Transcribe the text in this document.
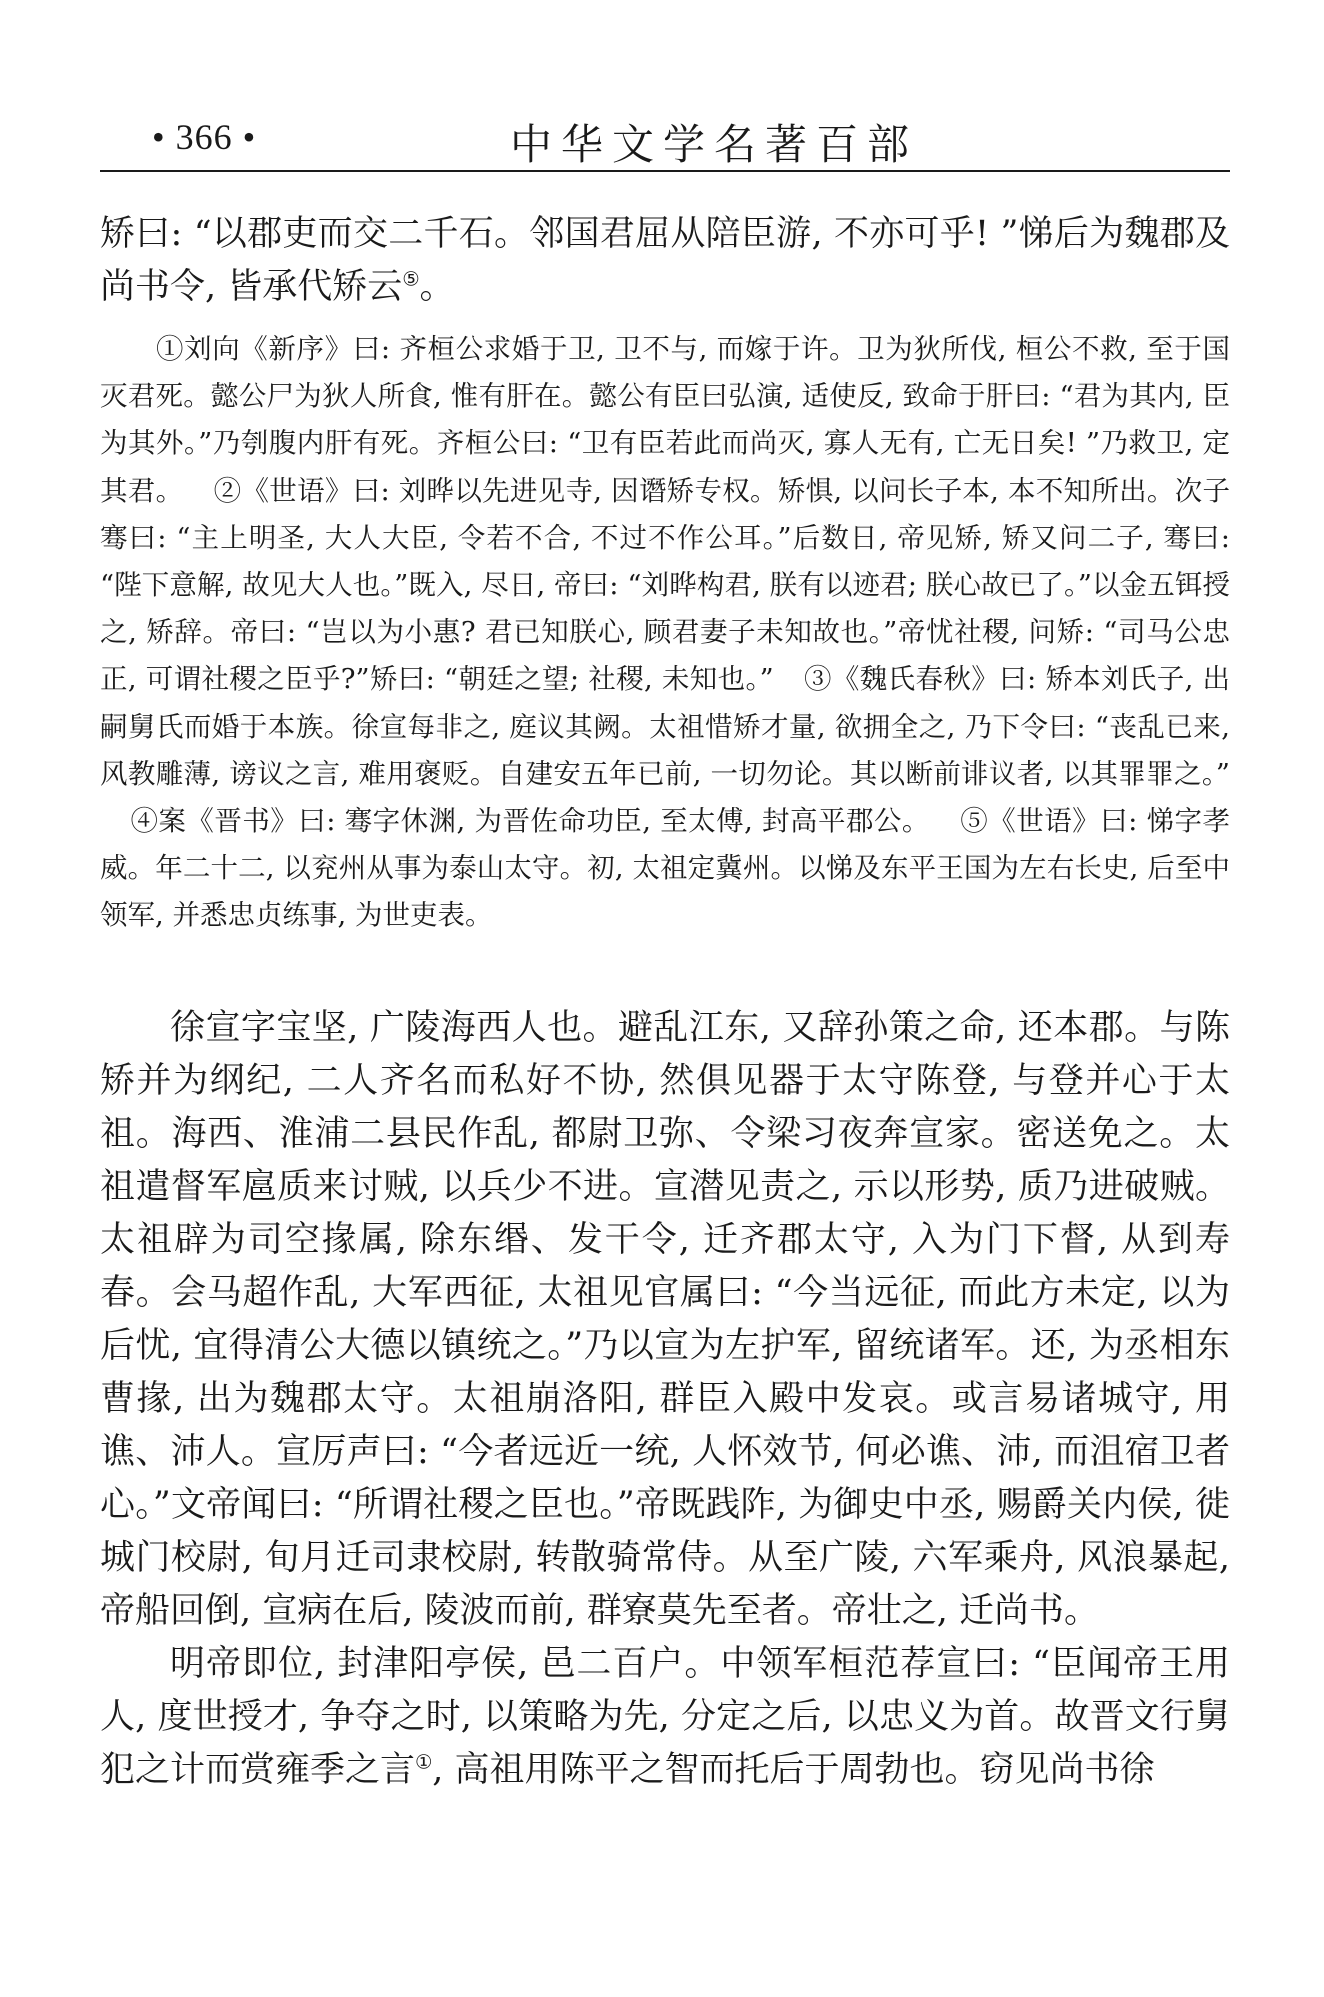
• 366 •	中华文学名著百部

矫曰: “以郡吏而交二千石。邻国君屈从陪臣游, 不亦可乎! ”悌后为魏郡及尚书令, 皆承代矫云⑤。

①刘向《新序》曰: 齐桓公求婚于卫, 卫不与, 而嫁于许。卫为狄所伐, 桓公不救, 至于国灭君死。懿公尸为狄人所食, 惟有肝在。懿公有臣曰弘演, 适使反, 致命于肝曰: “君为其内, 臣为其外。”乃刳腹内肝有死。齐桓公曰: “卫有臣若此而尚灭, 寡人无有, 亡无日矣! ”乃救卫, 定其君。 ②《世语》曰: 刘晔以先进见寺, 因谮矫专权。矫惧, 以问长子本, 本不知所出。次子骞曰: “主上明圣, 大人大臣, 令若不合, 不过不作公耳。”后数日, 帝见矫, 矫又问二子, 骞曰: “陛下意解, 故见大人也。”既入, 尽日, 帝曰: “刘晔构君, 朕有以迹君; 朕心故已了。”以金五铒授之, 矫辞。帝曰: “岂以为小惠? 君已知朕心, 顾君妻子未知故也。”帝忧社稷, 问矫: “司马公忠正, 可谓社稷之臣乎?”矫曰: “朝廷之望; 社稷, 未知也。” ③《魏氏春秋》曰: 矫本刘氏子, 出嗣舅氏而婚于本族。徐宣每非之, 庭议其阙。太祖惜矫才量, 欲拥全之, 乃下令曰: “丧乱已来, 风教雕薄, 谤议之言, 难用褒贬。自建安五年已前, 一切勿论。其以断前诽议者, 以其罪罪之。”④案《晋书》曰: 骞字休渊, 为晋佐命功臣, 至太傅, 封高平郡公。 ⑤《世语》曰: 悌字孝威。年二十二, 以兖州从事为泰山太守。初, 太祖定冀州。以悌及东平王国为左右长史, 后至中领军, 并悉忠贞练事, 为世吏表。

徐宣字宝坚, 广陵海西人也。避乱江东, 又辞孙策之命, 还本郡。与陈矫并为纲纪, 二人齐名而私好不协, 然俱见器于太守陈登, 与登并心于太祖。海西、淮浦二县民作乱, 都尉卫弥、令梁习夜奔宣家。密送免之。太祖遣督军扈质来讨贼, 以兵少不进。宣潜见责之, 示以形势, 质乃进破贼。太祖辟为司空掾属, 除东缗、发干令, 迁齐郡太守, 入为门下督, 从到寿春。会马超作乱, 大军西征, 太祖见官属曰: “今当远征, 而此方未定, 以为后忧, 宜得清公大德以镇统之。”乃以宣为左护军, 留统诸军。还, 为丞相东曹掾, 出为魏郡太守。太祖崩洛阳, 群臣入殿中发哀。或言易诸城守, 用谯、沛人。宣厉声曰: “今者远近一统, 人怀效节, 何必谯、沛, 而沮宿卫者心。”文帝闻曰: “所谓社稷之臣也。”帝既践阼, 为御史中丞, 赐爵关内侯, 徙城门校尉, 旬月迁司隶校尉, 转散骑常侍。从至广陵, 六军乘舟, 风浪暴起, 帝船回倒, 宣病在后, 陵波而前, 群寮莫先至者。帝壮之, 迁尚书。

明帝即位, 封津阳亭侯, 邑二百户。中领军桓范荐宣曰: “臣闻帝王用人, 度世授才, 争夺之时, 以策略为先, 分定之后, 以忠义为首。故晋文行舅犯之计而赏雍季之言①, 高祖用陈平之智而托后于周勃也。窃见尚书徐
